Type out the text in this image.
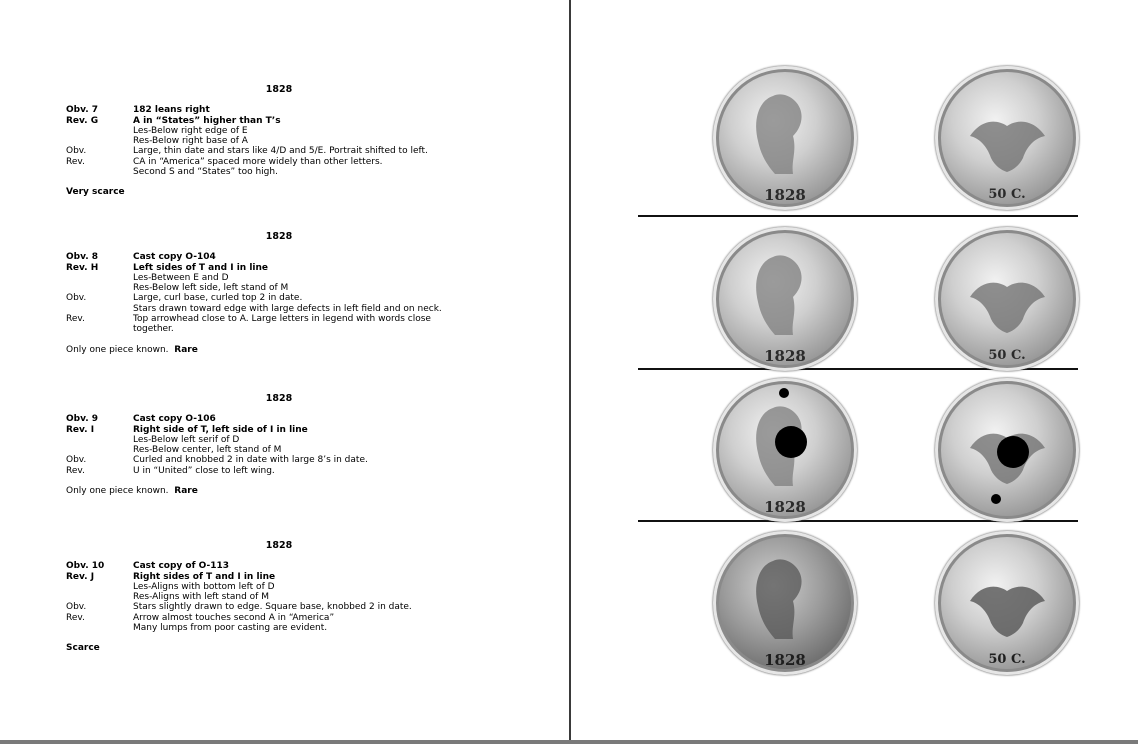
1828
Obv. 7	182 leans right
Rev. G	A in “States” higher than T’s
Les-Below right edge of E
Res-Below right base of A
Obv.	Large, thin date and stars like 4/D and 5/E. Portrait shifted to left.
Rev.	CA in “America” spaced more widely than other letters.
Second S and “States” too high.
Very scarce
1828
Obv. 8	Cast copy O-104
Rev. H	Left sides of T and I in line
Les-Between E and D
Res-Below left side, left stand of M
Obv.	Large, curl base, curled top 2 in date.
Stars drawn toward edge with large defects in left field and on neck.
Rev.	Top arrowhead close to A. Large letters in legend with words close
together.
Only one piece known. Rare
1828
Obv. 9	Cast copy O-106
Rev. I	Right side of T, left side of I in line
Les-Below left serif of D
Res-Below center, left stand of M
Obv.	Curled and knobbed 2 in date with large 8’s in date.
Rev.	U in “United” close to left wing.
Only one piece known. Rare
1828
Obv. 10	Cast copy of O-113
Rev. J	Right sides of T and I in line
Les-Aligns with bottom left of D
Res-Aligns with left stand of M
Obv.	Stars slightly drawn to edge. Square base, knobbed 2 in date.
Rev.	Arrow almost touches second A in “America”
Many lumps from poor casting are evident.
Scarce
1828	50 C.
1828	50 C.
1828
1828	50 C.
